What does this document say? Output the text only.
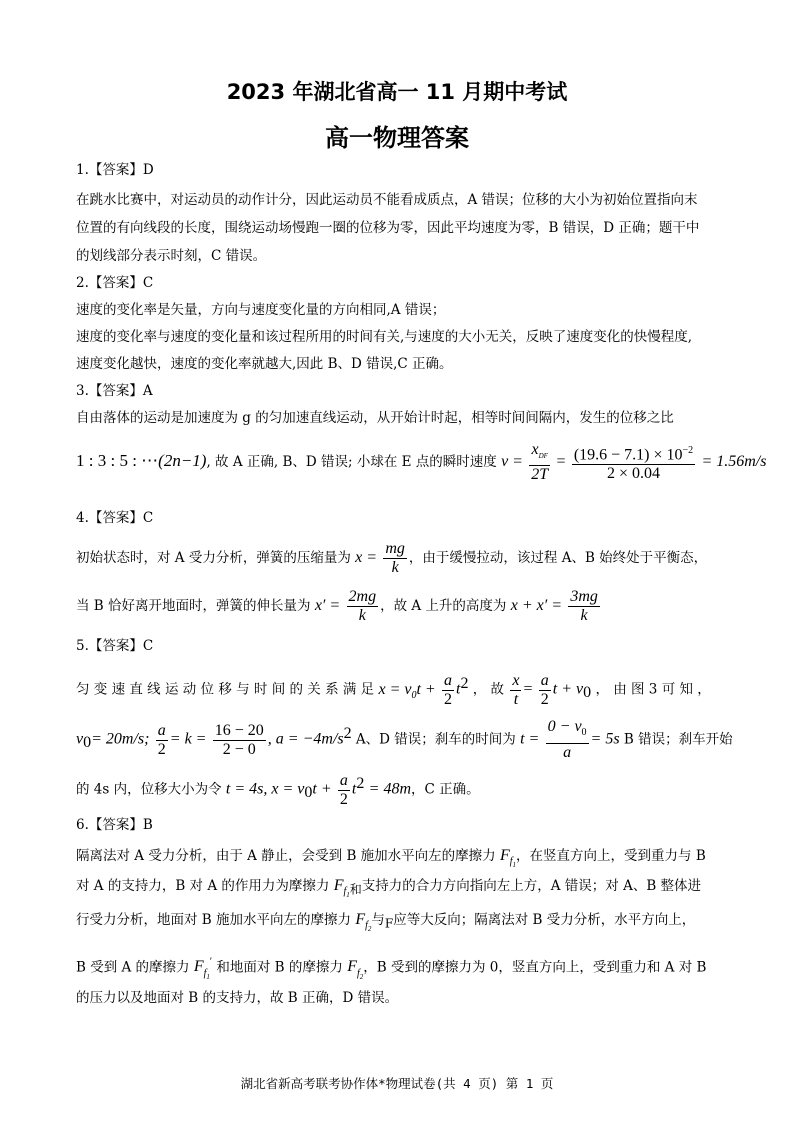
2023 年湖北省高一 11 月期中考试
高一物理答案
1.【答案】D
在跳水比赛中，对运动员的动作计分，因此运动员不能看成质点，A 错误；位移的大小为初始位置指向末
位置的有向线段的长度，围绕运动场慢跑一圈的位移为零，因此平均速度为零，B 错误，D 正确；题干中
的划线部分表示时刻，C 错误。
2.【答案】C
速度的变化率是矢量，方向与速度变化量的方向相同,A 错误；
速度的变化率与速度的变化量和该过程所用的时间有关,与速度的大小无关，反映了速度变化的快慢程度,
速度变化越快，速度的变化率就越大,因此 B、D 错误,C 正确。
3.【答案】A
自由落体的运动是加速度为 g 的匀加速直线运动，从开始计时起，相等时间间隔内，发生的位移之比
1 : 3 : 5 : ⋯(2n−1), 故 A 正确, B、D 错误; 小球在 E 点的瞬时速度 $v = \frac{x_{DF}}{2T} = \frac{(19.6 - 7.1) \times 10^{-2}}{2 \times 0.04} = 1.56m/s$
4.【答案】C
初始状态时，对 A 受力分析，弹簧的压缩量为 $x = \frac{mg}{k}$ ，由于缓慢拉动，该过程 A、B 始终处于平衡态，
当 B 恰好离开地面时，弹簧的伸长量为 $x' = \frac{2mg}{k}$ ，故 A 上升的高度为 $x + x' = \frac{3mg}{k}$
5.【答案】C
匀 变 速 直 线 运 动 位 移 与 时 间 的 关 系 满 足 $x = v_0t + \frac{a}{2} t^2$ ， 故 $\frac{x}{t} = \frac{a}{2}$ $t + v_0$ ， 由 图 3 可 知 ，
$v_0= 20m/s$; $\frac{a}{2} = k = \frac{16 - 20}{2 - 0}$ , $a = -4m/s^2$ A、D 错误；刹车的时间为 $t = \frac{0 - v_0}{a} = 5s$ B 错误；刹车开始
的 4s 内，位移大小为令 t = 4s, $x = v_0t + \frac{a}{2} t^2 = 48m$，C 正确。
6.【答案】B
隔离法对 A 受力分析，由于 A 静止，会受到 B 施加水平向左的摩擦力 $F_{f_1}$，在竖直方向上，受到重力与 B
对 A 的支持力，B 对 A 的作用力为摩擦力 $F_{f_1和}$支持力的合力方向指向左上方，A 错误；对 A、B 整体进
行受力分析，地面对 B 施加水平向左的摩擦力 $F_{f_2}$与$_F$应等大反向；隔离法对 B 受力分析，水平方向上，
B 受到 A 的摩擦力 $F_{f_1}'$ 和地面对 B 的摩擦力 $F_{f_2}$，B 受到的摩擦力为 0，竖直方向上，受到重力和 A 对 B
的压力以及地面对 B 的支持力，故 B 正确，D 错误。
湖北省新高考联考协作体*物理试卷(共 4 页) 第 1 页
